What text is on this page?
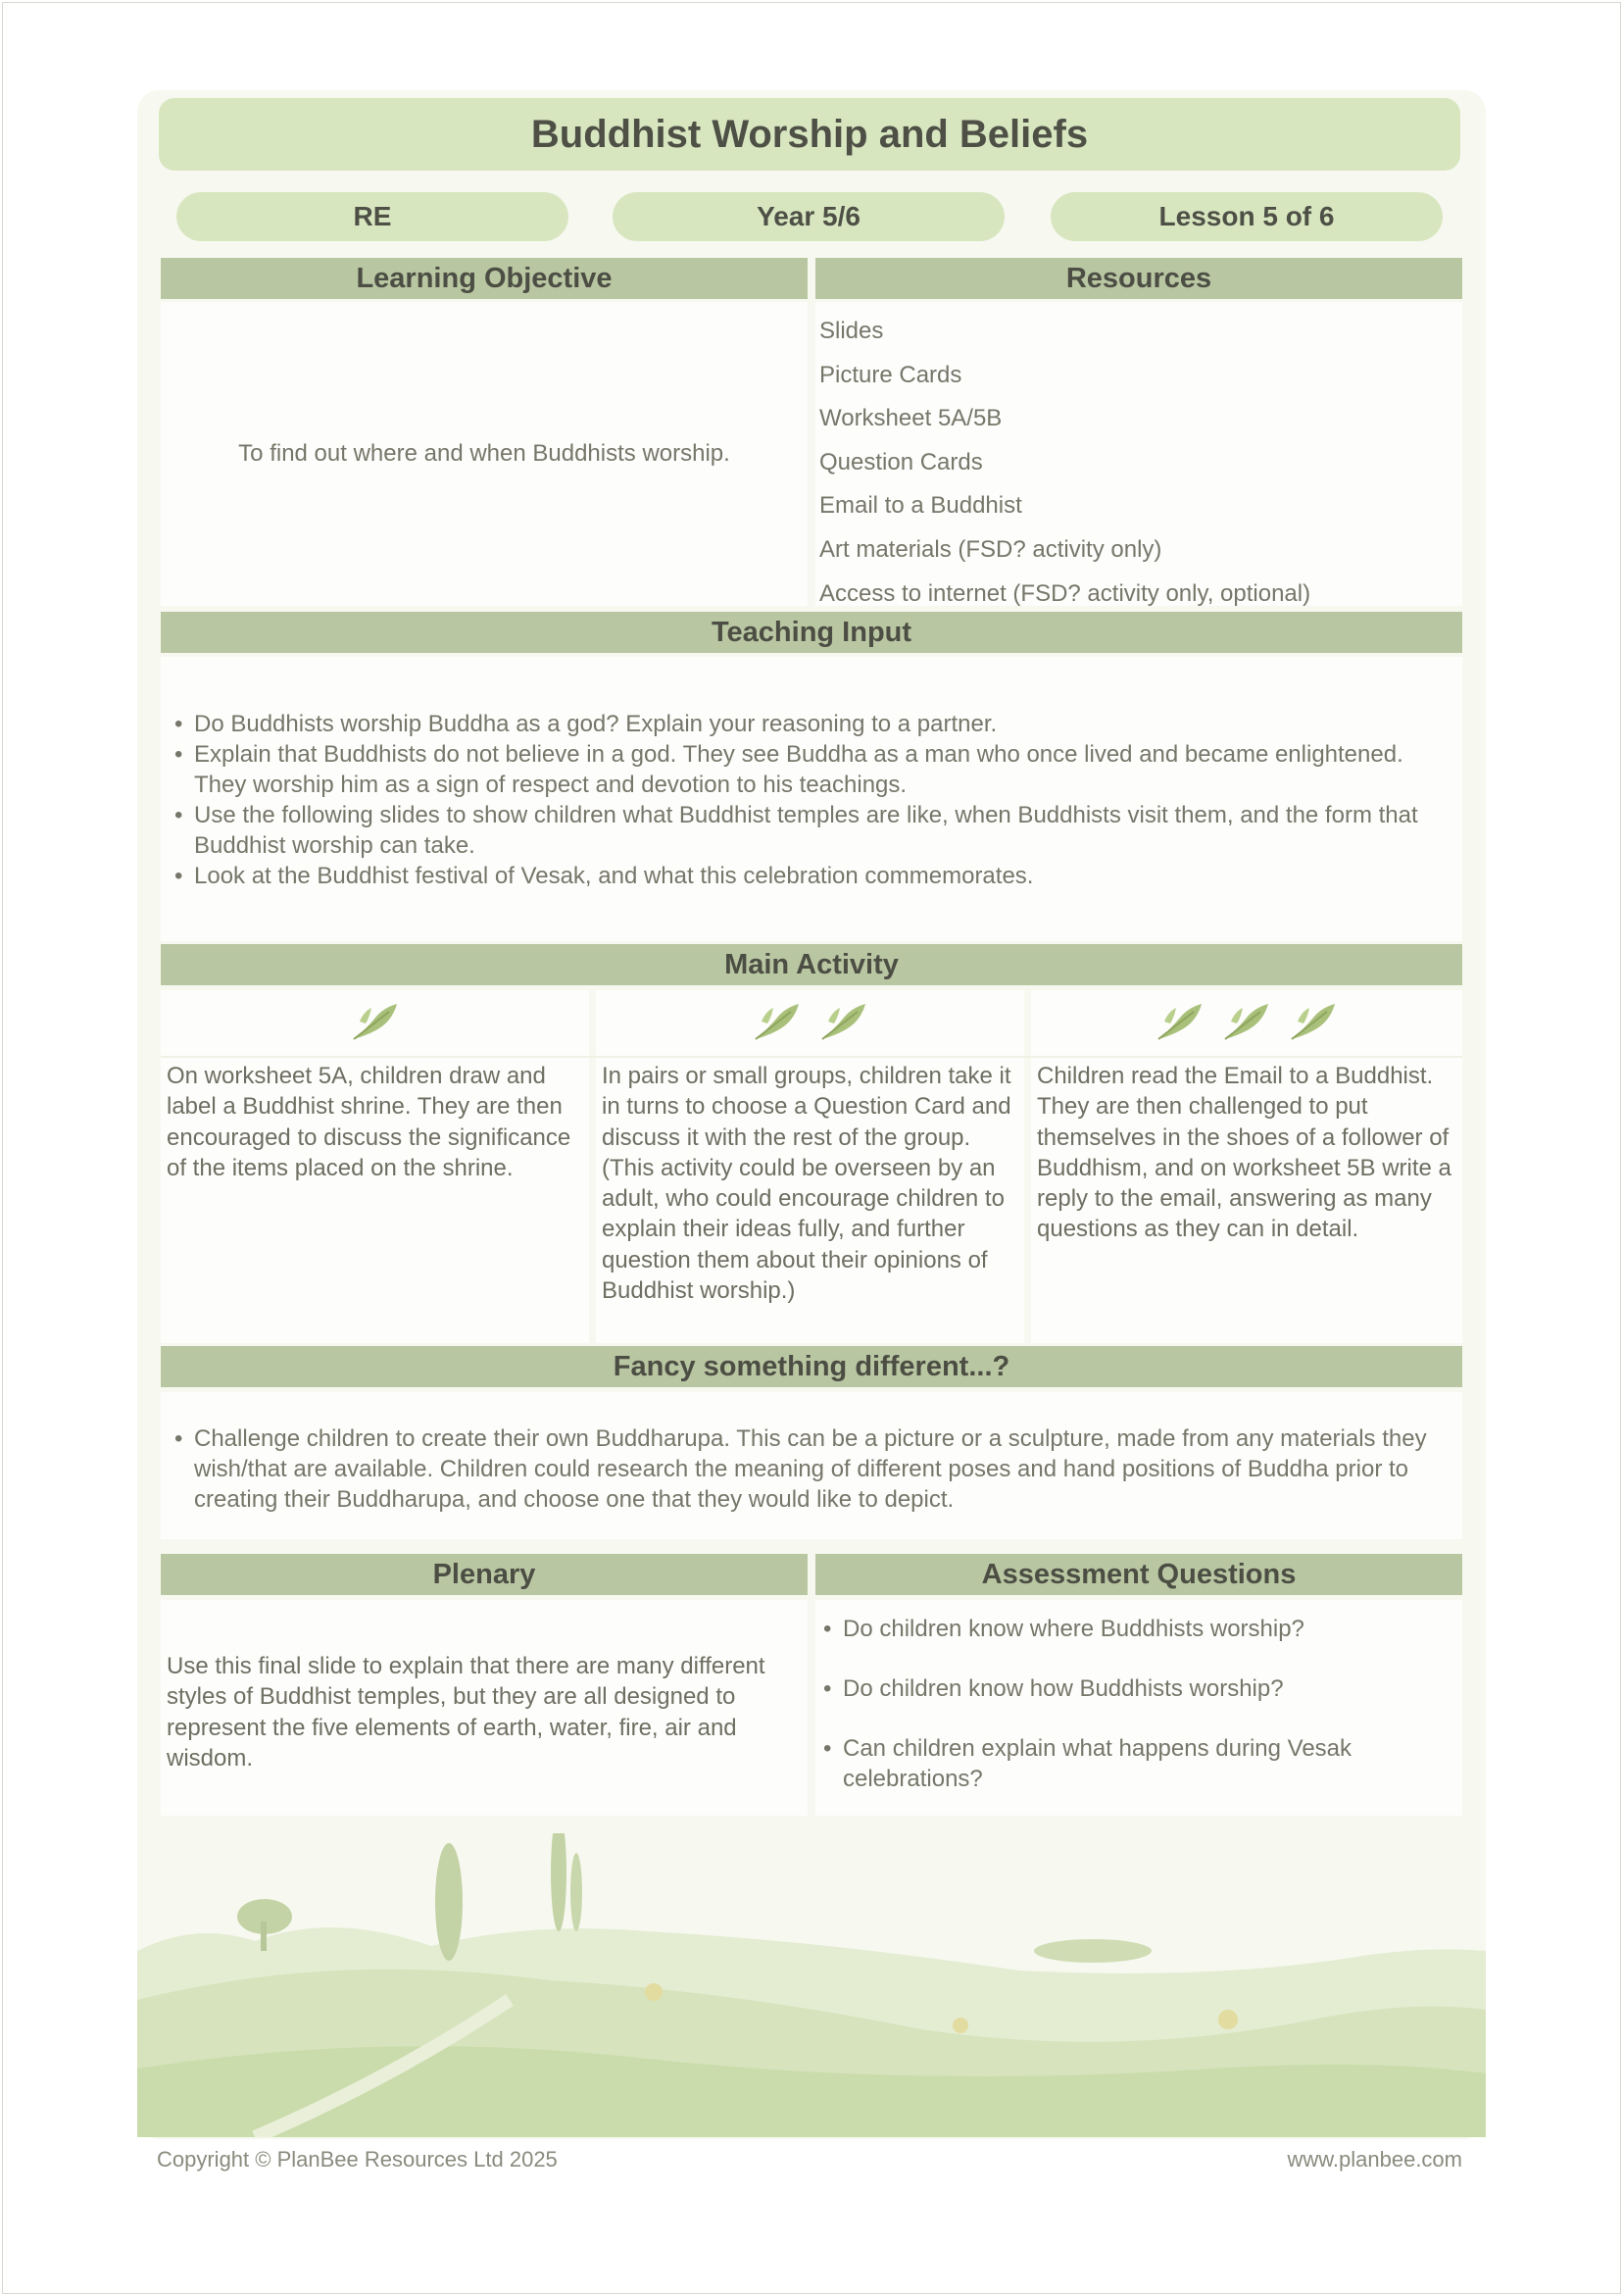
Buddhist Worship and Beliefs
RE	Year 5/6	Lesson 5 of 6
Learning Objective	Resources
To find out where and when Buddhists worship.
Slides
Picture Cards
Worksheet 5A/5B
Question Cards
Email to a Buddhist
Art materials (FSD? activity only)
Access to internet (FSD? activity only, optional)
Teaching Input
• Do Buddhists worship Buddha as a god? Explain your reasoning to a partner.
• Explain that Buddhists do not believe in a god. They see Buddha as a man who once lived and became enlightened. They worship him as a sign of respect and devotion to his teachings.
• Use the following slides to show children what Buddhist temples are like, when Buddhists visit them, and the form that Buddhist worship can take.
• Look at the Buddhist festival of Vesak, and what this celebration commemorates.
Main Activity
On worksheet 5A, children draw and label a Buddhist shrine. They are then encouraged to discuss the significance of the items placed on the shrine.
In pairs or small groups, children take it in turns to choose a Question Card and discuss it with the rest of the group. (This activity could be overseen by an adult, who could encourage children to explain their ideas fully, and further question them about their opinions of Buddhist worship.)
Children read the Email to a Buddhist. They are then challenged to put themselves in the shoes of a follower of Buddhism, and on worksheet 5B write a reply to the email, answering as many questions as they can in detail.
Fancy something different...?
• Challenge children to create their own Buddharupa. This can be a picture or a sculpture, made from any materials they wish/that are available. Children could research the meaning of different poses and hand positions of Buddha prior to creating their Buddharupa, and choose one that they would like to depict.
Plenary	Assessment Questions
Use this final slide to explain that there are many different styles of Buddhist temples, but they are all designed to represent the five elements of earth, water, fire, air and wisdom.
• Do children know where Buddhists worship?
• Do children know how Buddhists worship?
• Can children explain what happens during Vesak celebrations?
Copyright © PlanBee Resources Ltd 2025	www.planbee.com
